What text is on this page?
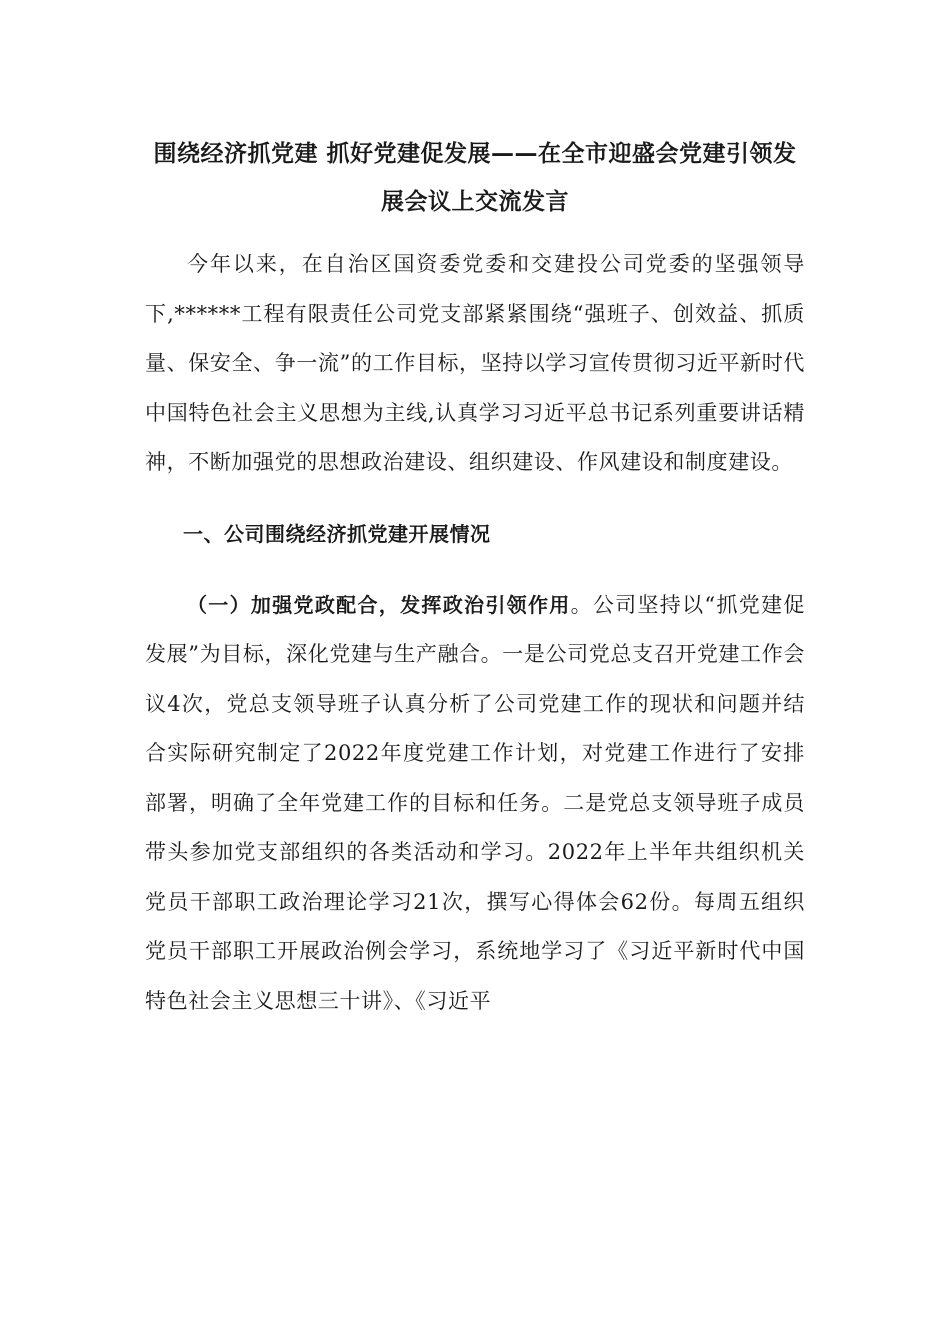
围绕经济抓党建 抓好党建促发展——在全市迎盛会党建引领发展会议上交流发言

今年以来，在自治区国资委党委和交建投公司党委的坚强领导下,******工程有限责任公司党支部紧紧围绕“强班子、创效益、抓质量、保安全、争一流”的工作目标，坚持以学习宣传贯彻习近平新时代中国特色社会主义思想为主线,认真学习习近平总书记系列重要讲话精神，不断加强党的思想政治建设、组织建设、作风建设和制度建设。

一、公司围绕经济抓党建开展情况

（一）加强党政配合，发挥政治引领作用。公司坚持以“抓党建促发展”为目标，深化党建与生产融合。一是公司党总支召开党建工作会议4次，党总支领导班子认真分析了公司党建工作的现状和问题并结合实际研究制定了2022年度党建工作计划，对党建工作进行了安排部署，明确了全年党建工作的目标和任务。二是党总支领导班子成员带头参加党支部组织的各类活动和学习。2022年上半年共组织机关党员干部职工政治理论学习21次，撰写心得体会62份。每周五组织党员干部职工开展政治例会学习，系统地学习了《习近平新时代中国特色社会主义思想三十讲》、《习近平
